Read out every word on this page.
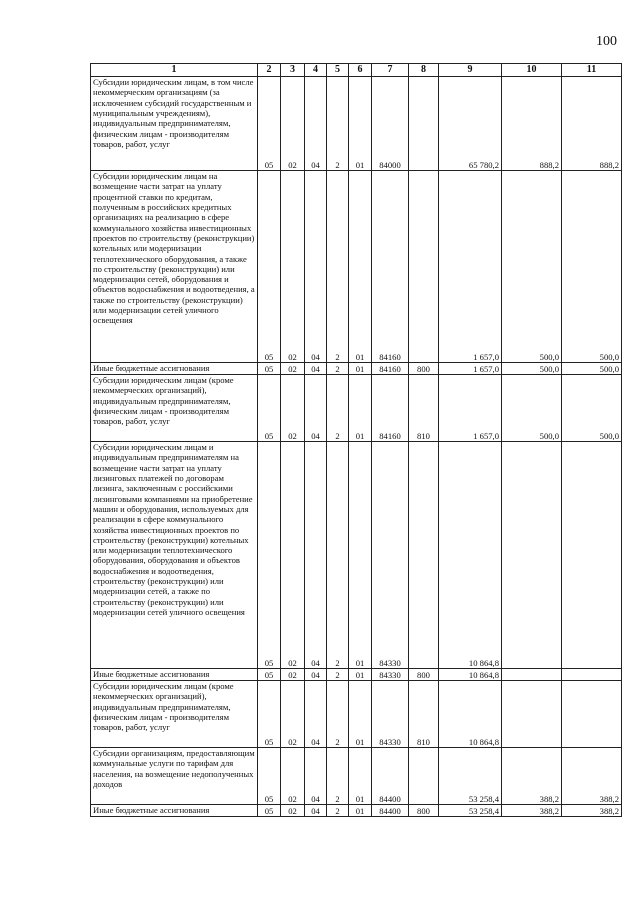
100
1	2	3	4	5	6	7	8	9	10	11
Субсидии юридическим лицам, в том числе некоммерческим организациям (за исключением субсидий государственным и муниципальным учреждениям), индивидуальным предпринимателям, физическим лицам - производителям товаров, работ, услуг	05	02	04	2	01	84000		65 780,2	888,2	888,2
Субсидии юридическим лицам на возмещение части затрат на уплату процентной ставки по кредитам, полученным в российских кредитных организациях на реализацию в сфере коммунального хозяйства инвестиционных проектов по строительству (реконструкции) котельных или модернизации теплотехнического оборудования, а также по строительству (реконструкции) или модернизации сетей, оборудования и объектов водоснабжения и водоотведения, а также по строительству (реконструкции) или модернизации сетей уличного освещения	05	02	04	2	01	84160		1 657,0	500,0	500,0
Иные бюджетные ассигнования	05	02	04	2	01	84160	800	1 657,0	500,0	500,0
Субсидии юридическим лицам (кроме некоммерческих организаций), индивидуальным предпринимателям, физическим лицам - производителям товаров, работ, услуг	05	02	04	2	01	84160	810	1 657,0	500,0	500,0
Субсидии юридическим лицам и индивидуальным предпринимателям на возмещение части затрат на уплату лизинговых платежей по договорам лизинга, заключенным с российскими лизинговыми компаниями на приобретение машин и оборудования, используемых для реализации в сфере коммунального хозяйства инвестиционных проектов по строительству (реконструкции) котельных или модернизации теплотехнического оборудования, оборудования и объектов водоснабжения и водоотведения, строительству (реконструкции) или модернизации сетей, а также по строительству (реконструкции) или модернизации сетей уличного освещения	05	02	04	2	01	84330		10 864,8		
Иные бюджетные ассигнования	05	02	04	2	01	84330	800	10 864,8		
Субсидии юридическим лицам (кроме некоммерческих организаций), индивидуальным предпринимателям, физическим лицам - производителям товаров, работ, услуг	05	02	04	2	01	84330	810	10 864,8		
Субсидии организациям, предоставляющим коммунальные услуги по тарифам для населения, на возмещение недополученных доходов	05	02	04	2	01	84400		53 258,4	388,2	388,2
Иные бюджетные ассигнования	05	02	04	2	01	84400	800	53 258,4	388,2	388,2
